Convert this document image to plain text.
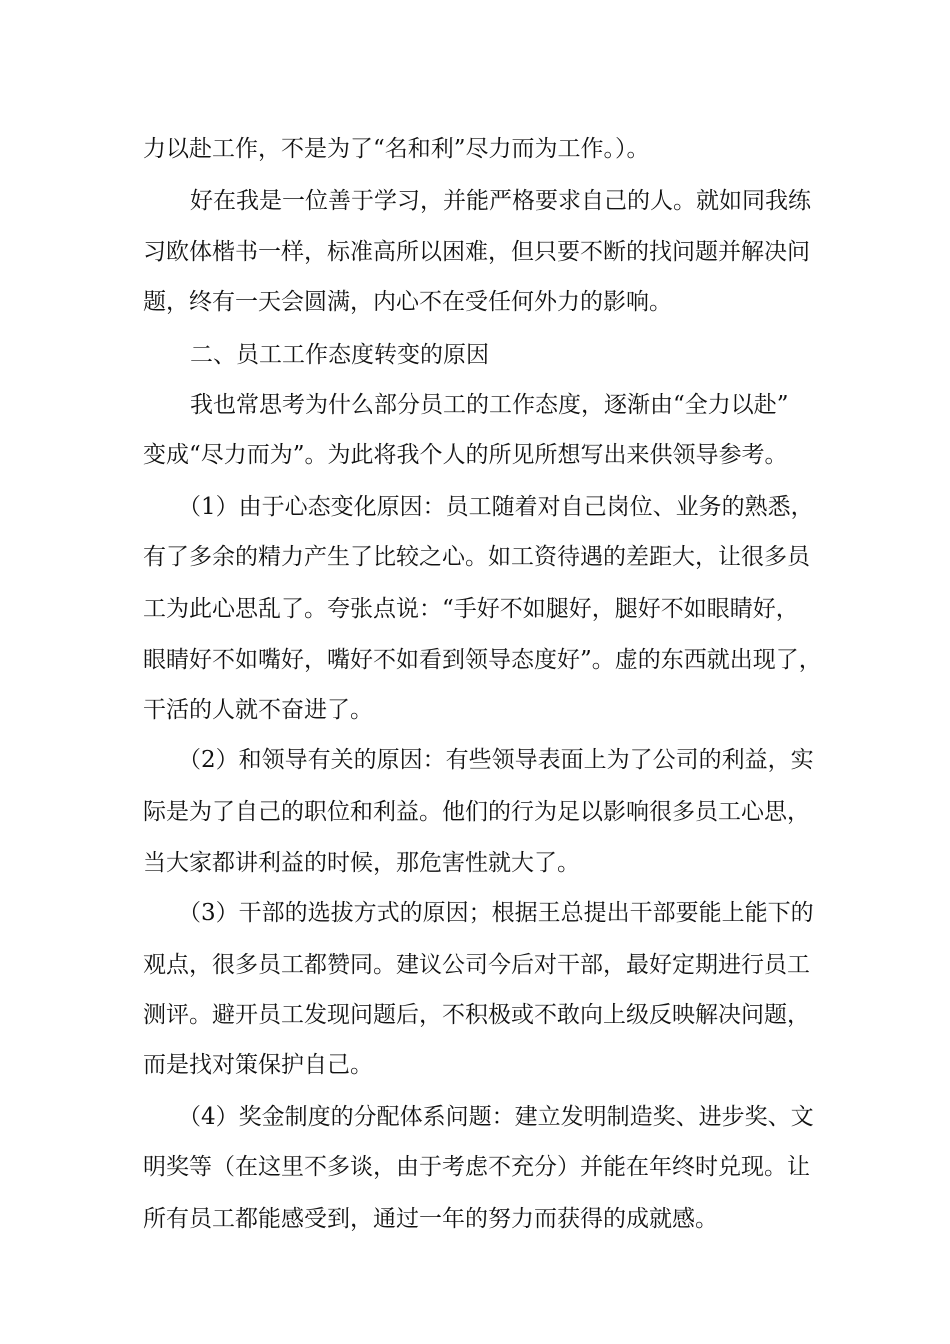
力以赴工作，不是为了“名和利”尽力而为工作。）。
好在我是一位善于学习，并能严格要求自己的人。就如同我练
习欧体楷书一样，标准高所以困难，但只要不断的找问题并解决问
题，终有一天会圆满，内心不在受任何外力的影响。
二、员工工作态度转变的原因
我也常思考为什么部分员工的工作态度，逐渐由“全力以赴”
变成“尽力而为”。为此将我个人的所见所想写出来供领导参考。
（1）由于心态变化原因：员工随着对自己岗位、业务的熟悉，
有了多余的精力产生了比较之心。如工资待遇的差距大，让很多员
工为此心思乱了。夸张点说：“手好不如腿好，腿好不如眼睛好，
眼睛好不如嘴好，嘴好不如看到领导态度好”。虚的东西就出现了，
干活的人就不奋进了。
（2）和领导有关的原因：有些领导表面上为了公司的利益，实
际是为了自己的职位和利益。他们的行为足以影响很多员工心思，
当大家都讲利益的时候，那危害性就大了。
（3）干部的选拔方式的原因；根据王总提出干部要能上能下的
观点，很多员工都赞同。建议公司今后对干部，最好定期进行员工
测评。避开员工发现问题后，不积极或不敢向上级反映解决问题，
而是找对策保护自己。
（4）奖金制度的分配体系问题：建立发明制造奖、进步奖、文
明奖等（在这里不多谈，由于考虑不充分）并能在年终时兑现。让
所有员工都能感受到，通过一年的努力而获得的成就感。
